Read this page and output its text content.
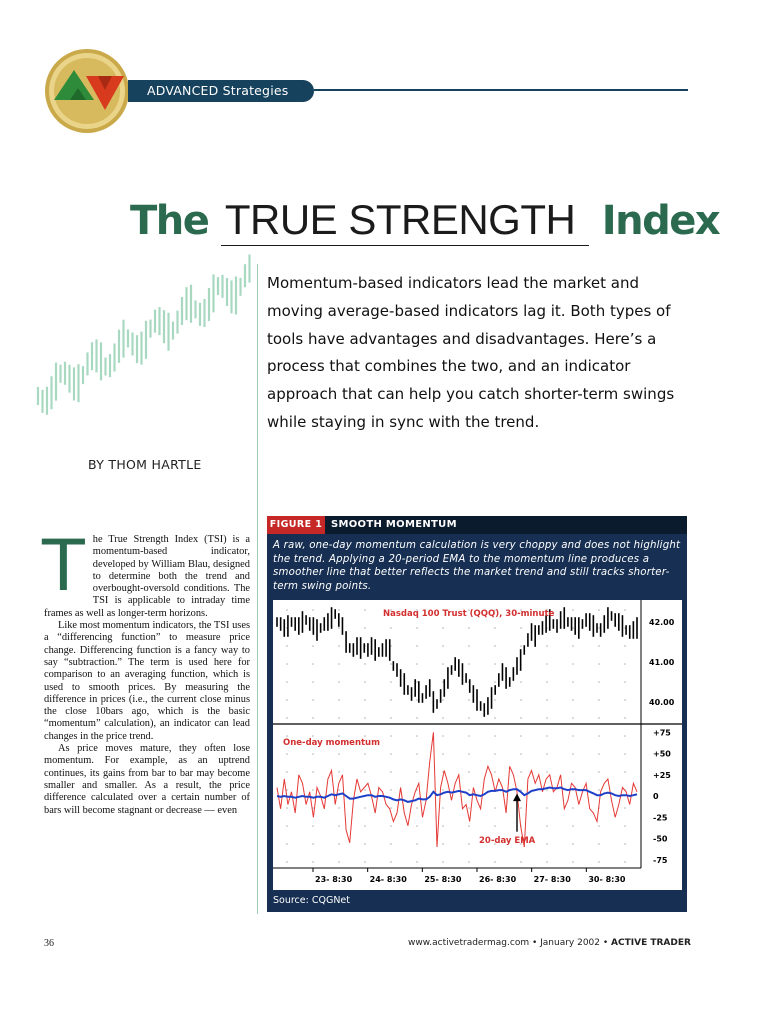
ADVANCED Strategies
The TRUE STRENGTH Index
Momentum-based indicators lead the market and moving average-based indicators lag it. Both types of tools have advantages and disadvantages. Here’s a process that combines the two, and an indicator approach that can help you catch shorter-term swings while staying in sync with the trend.
BY THOM HARTLE
T he True Strength Index (TSI) is a momentum-based indicator, developed by William Blau, designed to determine both the trend and overbought-oversold conditions. The TSI is applicable to intraday time frames as well as longer-term horizons.

Like most momentum indicators, the TSI uses a “differencing function” to measure price change. Differencing function is a fancy way to say “subtraction.” The term is used here for comparison to an averaging function, which is used to smooth prices. By measuring the difference in prices (i.e., the current close minus the close 10bars ago, which is the basic “momentum” calculation), an indicator can lead changes in the price trend.

As price moves mature, they often lose momentum. For example, as an uptrend continues, its gains from bar to bar may become smaller and smaller. As a result, the price difference calculated over a certain number of bars will become stagnant or decrease — even

FIGURE 1 SMOOTH MOMENTUM
A raw, one-day momentum calculation is very choppy and does not highlight the trend. Applying a 20-period EMA to the momentum line produces a smoother line that better reflects the market trend and still tracks shorter-term swing points.
42.00
41.00
40.00
Nasdaq 100 Trust (QQQ), 30-minute
+75
+50
+25
0
-25
-50
-75
One-day momentum
20-day EMA
23- 8:30 24- 8:30 25- 8:30 26- 8:30 27- 8:30 30- 8:30
Source: CQGNet
36	www.activetradermag.com • January 2002 • ACTIVE TRADER
